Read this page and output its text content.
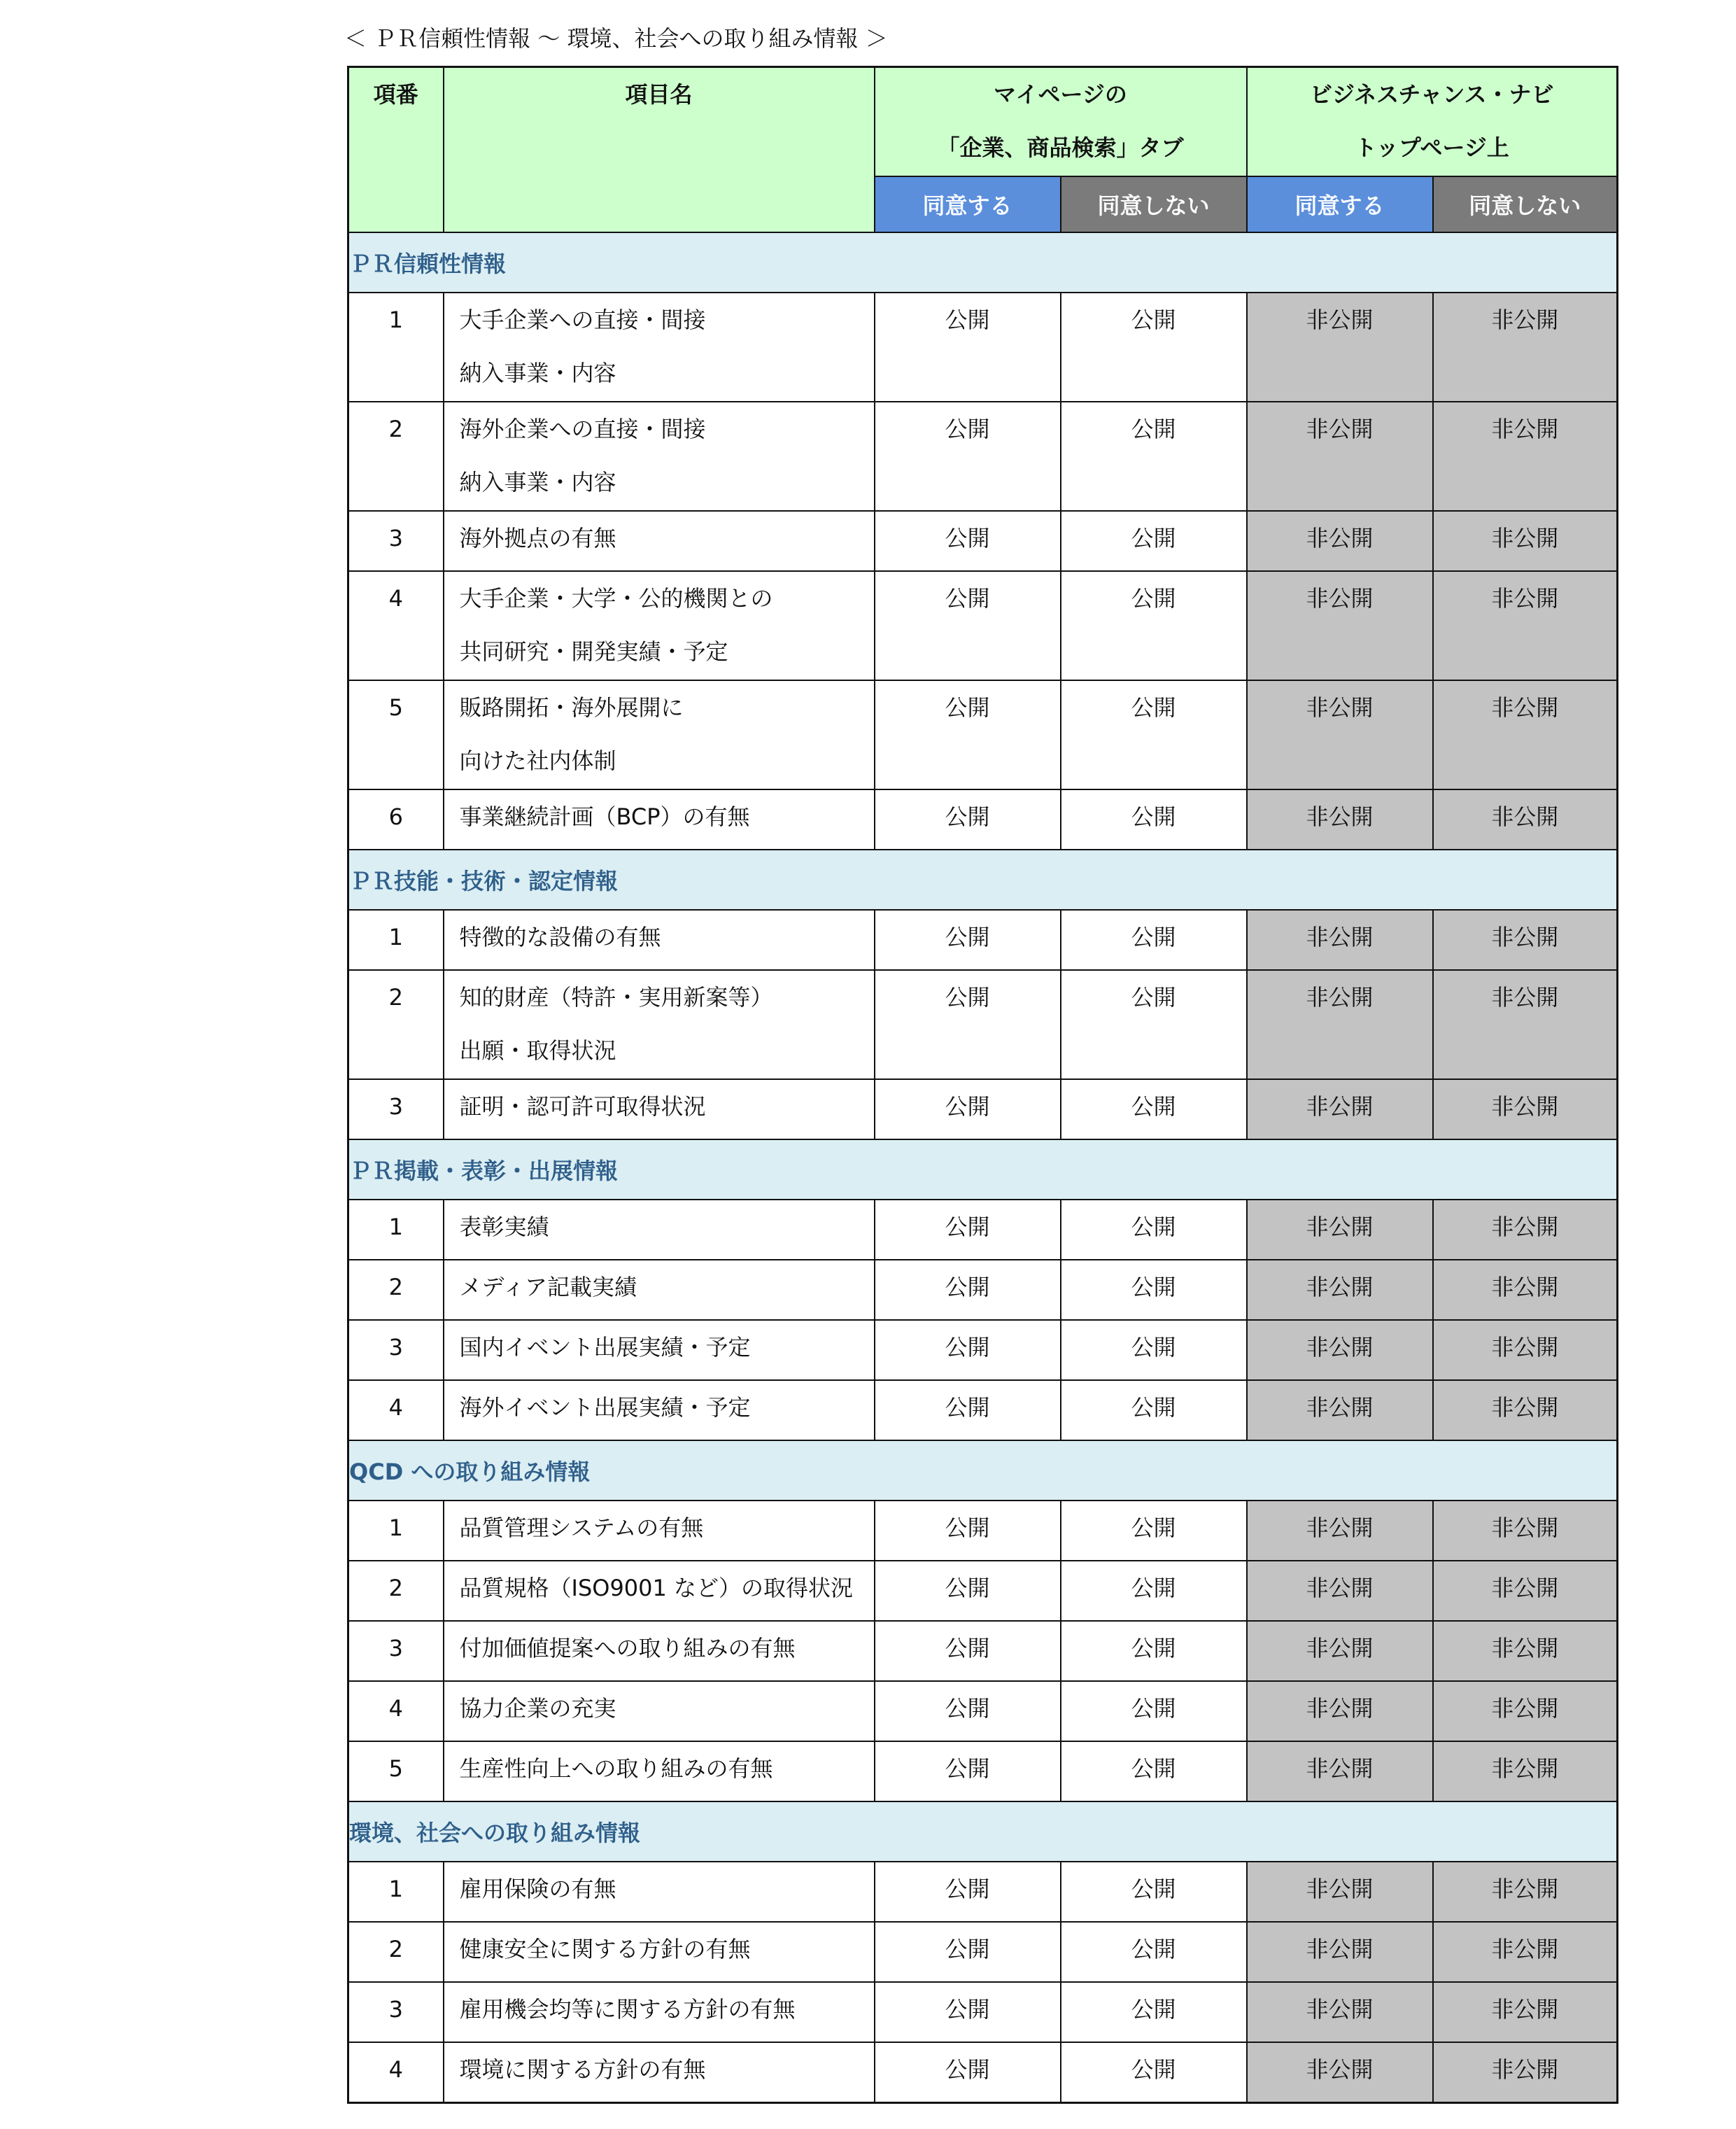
＜ ＰＲ信頼性情報 ～ 環境、社会への取り組み情報 ＞
項番	項目名	マイページの
「企業、商品検索」タブ		ビジネスチャンス・ナビ
トップページ上	

		同意する	同意しない	同意する	同意しない
ＰＲ信頼性情報					
1	大手企業への直接・間接
納入事業・内容	公開	公開	非公開	非公開
2	海外企業への直接・間接
納入事業・内容	公開	公開	非公開	非公開
3	海外拠点の有無	公開	公開	非公開	非公開
4	大手企業・大学・公的機関との
共同研究・開発実績・予定	公開	公開	非公開	非公開
5	販路開拓・海外展開に
向けた社内体制	公開	公開	非公開	非公開
6	事業継続計画（BCP）の有無	公開	公開	非公開	非公開
ＰＲ技能・技術・認定情報					
1	特徴的な設備の有無	公開	公開	非公開	非公開
2	知的財産（特許・実用新案等）
出願・取得状況	公開	公開	非公開	非公開
3	証明・認可許可取得状況	公開	公開	非公開	非公開
ＰＲ掲載・表彰・出展情報					
1	表彰実績	公開	公開	非公開	非公開
2	メディア記載実績	公開	公開	非公開	非公開
3	国内イベント出展実績・予定	公開	公開	非公開	非公開
4	海外イベント出展実績・予定	公開	公開	非公開	非公開
QCD への取り組み情報					
1	品質管理システムの有無	公開	公開	非公開	非公開
2	品質規格（ISO9001 など）の取得状況	公開	公開	非公開	非公開
3	付加価値提案への取り組みの有無	公開	公開	非公開	非公開
4	協力企業の充実	公開	公開	非公開	非公開
5	生産性向上への取り組みの有無	公開	公開	非公開	非公開
環境、社会への取り組み情報					
1	雇用保険の有無	公開	公開	非公開	非公開
2	健康安全に関する方針の有無	公開	公開	非公開	非公開
3	雇用機会均等に関する方針の有無	公開	公開	非公開	非公開
4	環境に関する方針の有無	公開	公開	非公開	非公開
